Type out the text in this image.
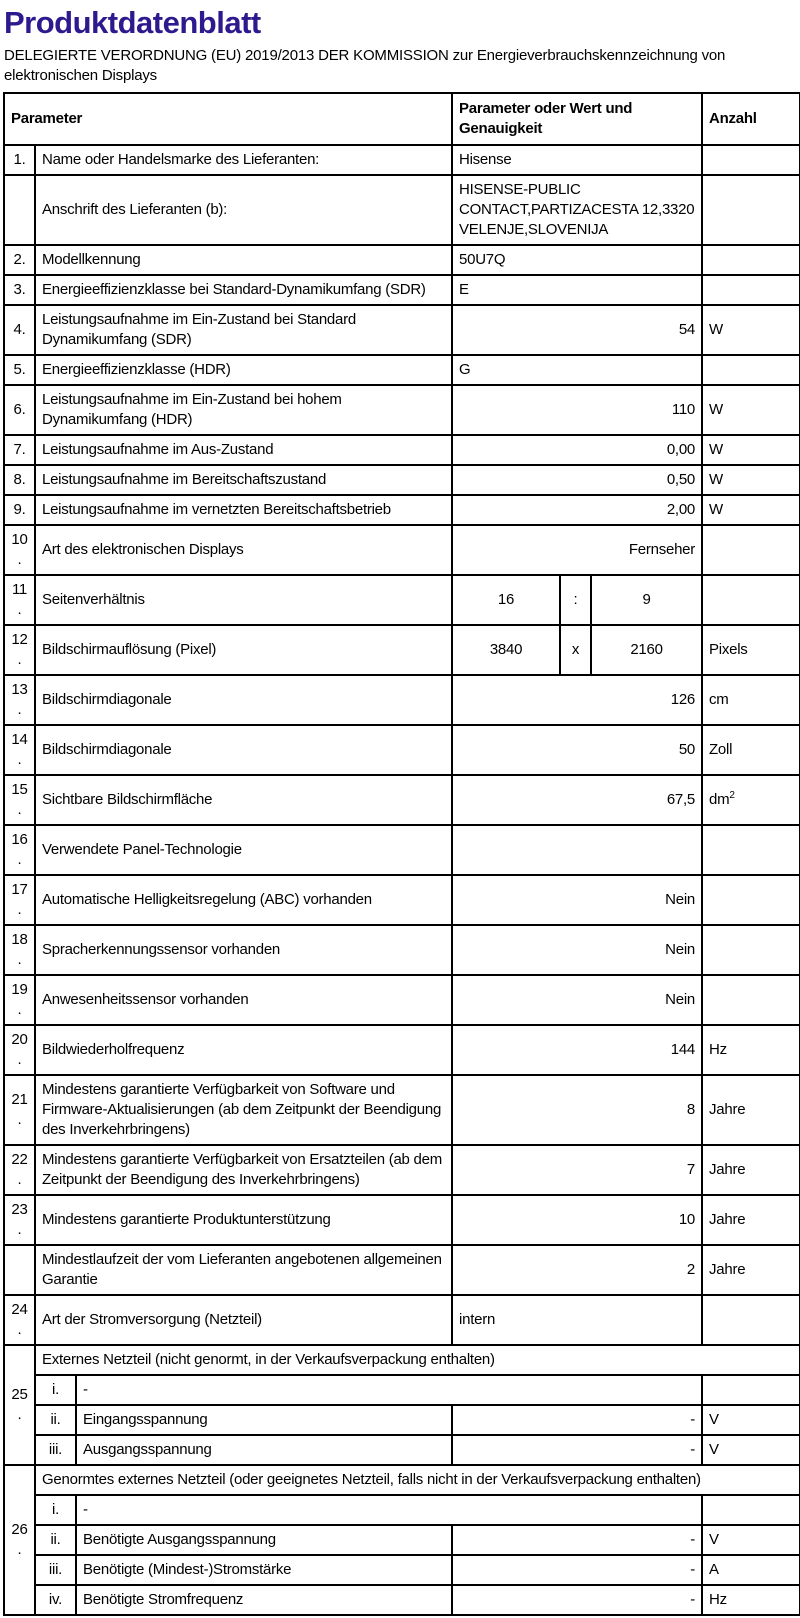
Produktdatenblatt
DELEGIERTE VERORDNUNG (EU) 2019/2013 DER KOMMISSION zur Energieverbrauchskennzeichnung von elektronischen Displays
Parameter			Parameter oder Wert und Genauigkeit			Anzahl
1.	Name oder Handelsmarke des Lieferanten:		Hisense			
	Anschrift des Lieferanten (b):		HISENSE-PUBLIC CONTACT,PARTIZACESTA 12,3320 VELENJE,SLOVENIJA			
2.	Modellkennung		50U7Q			
3.	Energieeffizienzklasse bei Standard-Dynamikumfang (SDR)		E			
4.	Leistungsaufnahme im Ein-Zustand bei Standard Dynamikumfang (SDR)		54			W
5.	Energieeffizienzklasse (HDR)		G			
6.	Leistungsaufnahme im Ein-Zustand bei hohem Dynamikumfang (HDR)		110			W
7.	Leistungsaufnahme im Aus-Zustand		0,00			W
8.	Leistungsaufnahme im Bereitschaftszustand		0,50			W
9.	Leistungsaufnahme im vernetzten Bereitschaftsbetrieb		2,00			W
10.	Art des elektronischen Displays		Fernseher			
11.	Seitenverhältnis		16	:	9	
12.	Bildschirmauflösung (Pixel)		3840	x	2160	Pixels
13.	Bildschirmdiagonale		126			cm
14.	Bildschirmdiagonale		50			Zoll
15.	Sichtbare Bildschirmfläche		67,5			$dm^2$
16.	Verwendete Panel-Technologie					
17.	Automatische Helligkeitsregelung (ABC) vorhanden		Nein			
18.	Spracherkennungssensor vorhanden		Nein			
19.	Anwesenheitssensor vorhanden		Nein			
20.	Bildwiederholfrequenz		144			Hz
21.	Mindestens garantierte Verfügbarkeit von Software und Firmware-Aktualisierungen (ab dem Zeitpunkt der Beendigung des Inverkehrbringens)		8			Jahre
22.	Mindestens garantierte Verfügbarkeit von Ersatzteilen (ab dem Zeitpunkt der Beendigung des Inverkehrbringens)		7			Jahre
23.	Mindestens garantierte Produktunterstützung		10			Jahre
	Mindestlaufzeit der vom Lieferanten angebotenen allgemeinen Garantie		2			Jahre
24.	Art der Stromversorgung (Netzteil)		intern			
25.	Externes Netzteil (nicht genormt, in der Verkaufsverpackung enthalten)					
	i.	-				
	ii.	Eingangsspannung	-			V
	iii.	Ausgangsspannung	-			V
26.	Genormtes externes Netzteil (oder geeignetes Netzteil, falls nicht in der Verkaufsverpackung enthalten)					
	i.	-				
	ii.	Benötigte Ausgangsspannung	-			V
	iii.	Benötigte (Mindest-)Stromstärke	-			A
	iv.	Benötigte Stromfrequenz	-			Hz
